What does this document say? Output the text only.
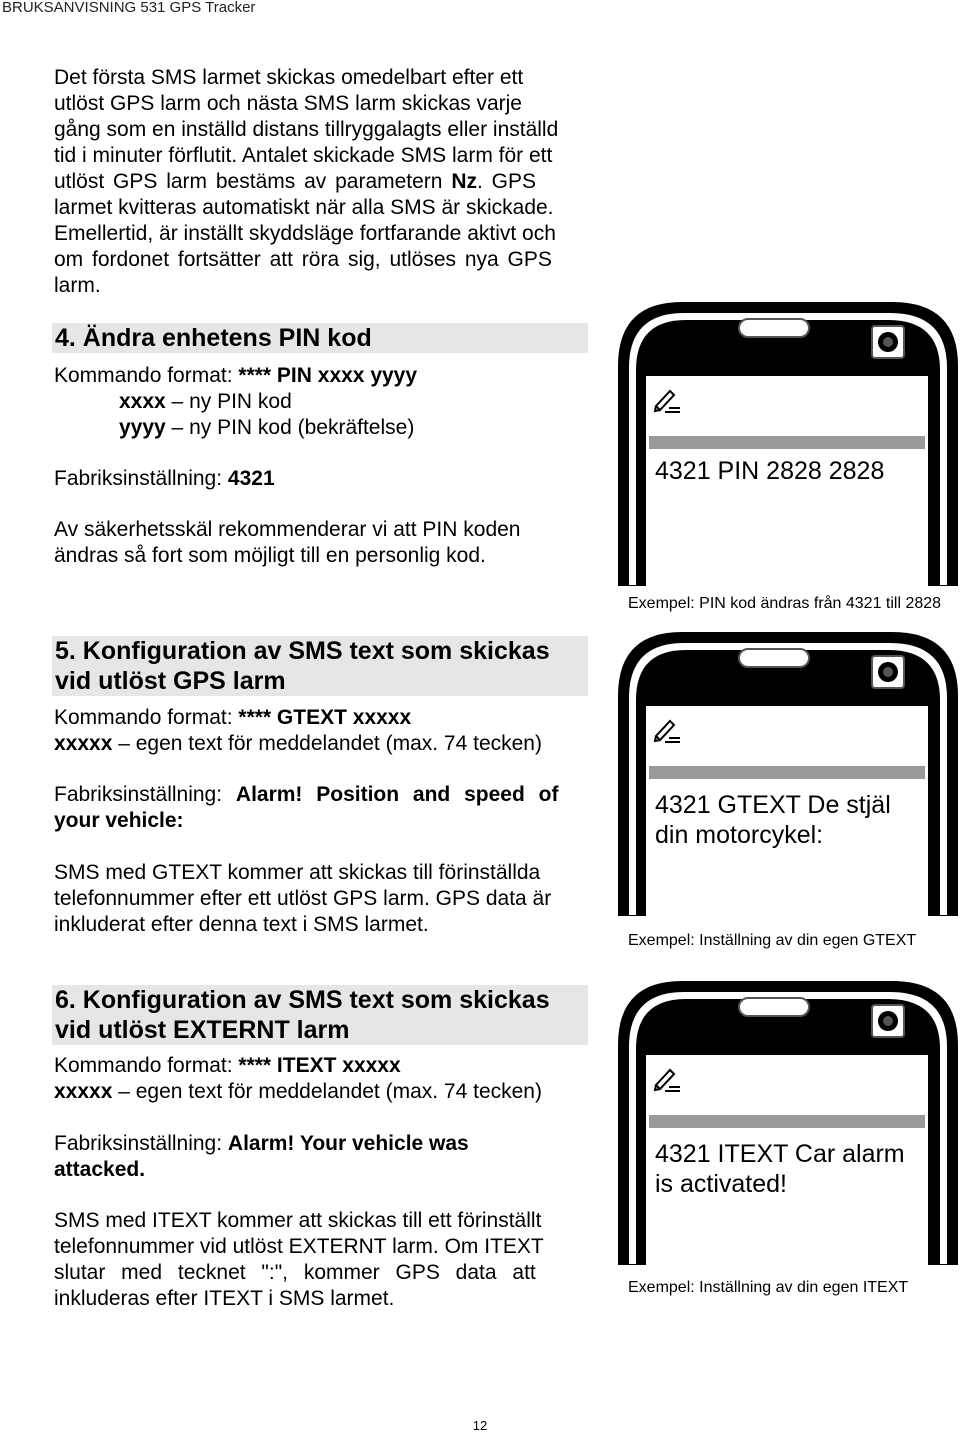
BRUKSANVISNING 531 GPS Tracker

Det första SMS larmet skickas omedelbart efter ett

utlöst GPS larm och nästa SMS larm skickas varje

gång som en inställd distans tillryggalagts eller inställd

tid i minuter förflutit. Antalet skickade SMS larm för ett

utlöst GPS larm bestäms av parametern Nz. GPS

larmet kvitteras automatiskt när alla SMS är skickade.

Emellertid, är inställt skyddsläge fortfarande aktivt och

om fordonet fortsätter att röra sig, utlöses nya GPS

larm.

4. Ändra enhetens PIN kod

Kommando format: **** PIN xxxx yyyy

xxxx – ny PIN kod

yyyy – ny PIN kod (bekräftelse)

Fabriksinställning: 4321

Av säkerhetsskäl rekommenderar vi att PIN koden

ändras så fort som möjligt till en personlig kod.

4321 PIN 2828 2828
Exempel: PIN kod ändras från 4321 till 2828
5. Konfiguration av SMS text som skickas
vid utlöst GPS larm

Kommando format: **** GTEXT xxxxx

xxxxx – egen text för meddelandet (max. 74 tecken)

Fabriksinställning: Alarm! Position and speed of

your vehicle:

SMS med GTEXT kommer att skickas till förinställda

telefonnummer efter ett utlöst GPS larm. GPS data är

inkluderat efter denna text i SMS larmet.

4321 GTEXT De stjäl
din motorcykel:
Exempel: Inställning av din egen GTEXT
6. Konfiguration av SMS text som skickas
vid utlöst EXTERNT larm

Kommando format: **** ITEXT xxxxx

xxxxx – egen text för meddelandet (max. 74 tecken)

Fabriksinställning: Alarm! Your vehicle was

attacked.

SMS med ITEXT kommer att skickas till ett förinställt

telefonnummer vid utlöst EXTERNT larm. Om ITEXT

slutar med tecknet ":", kommer GPS data att

inkluderas efter ITEXT i SMS larmet.

4321 ITEXT Car alarm
is activated!
Exempel: Inställning av din egen ITEXT
12
